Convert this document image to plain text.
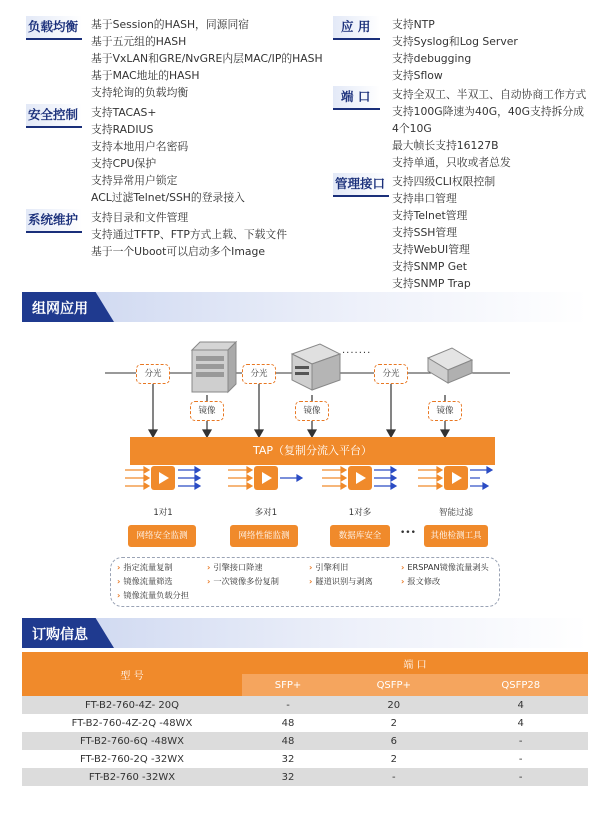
负载均衡	基于Session的HASH，同源同宿
基于五元组的HASH
基于VxLAN和GRE/NvGRE内层MAC/IP的HASH
基于MAC地址的HASH
支持轮询的负载均衡
安全控制	支持TACAS+
支持RADIUS
支持本地用户名密码
支持CPU保护
支持异常用户锁定
ACL过滤Telnet/SSH的登录接入
系统维护	支持目录和文件管理
支持通过TFTP、FTP方式上载、下载文件
基于一个Uboot可以启动多个Image
应 用	支持NTP
支持Syslog和Log Server
支持debugging
支持Sflow
端 口	支持全双工、半双工、自动协商工作方式
支持100G降速为40G，40G支持拆分成
4个10G
最大帧长支持16127B
支持单通，只收或者总发
管理接口 支持四级CLI权限控制
支持串口管理
支持Telnet管理
支持SSH管理
支持WebUI管理
支持SNMP Get
支持SNMP Trap
组网应用
·······
分光	分光	分光
镜像	镜像	镜像
TAP（复制分流入平台）
1对1	多对1	1对多	智能过滤
网络安全监测	网络性能监测	数据库安全	•••	其他检测工具
› 指定流量复制	› 引擎接口降速	› 引擎利旧	› ERSPAN镜像流量剥头
› 镜像流量筛选	› 一次镜像多份复制	› 隧道识别与剥离	› 报文修改
› 镜像流量负载分担
订购信息
型 号	端 口		
	SFP+	QSFP+	QSFP28
FT-B2-760-4Z- 20Q	-	20	4
FT-B2-760-4Z-2Q -48WX	48	2	4
FT-B2-760-6Q -48WX	48	6	-
FT-B2-760-2Q -32WX	32	2	-
FT-B2-760 -32WX	32	-	-
